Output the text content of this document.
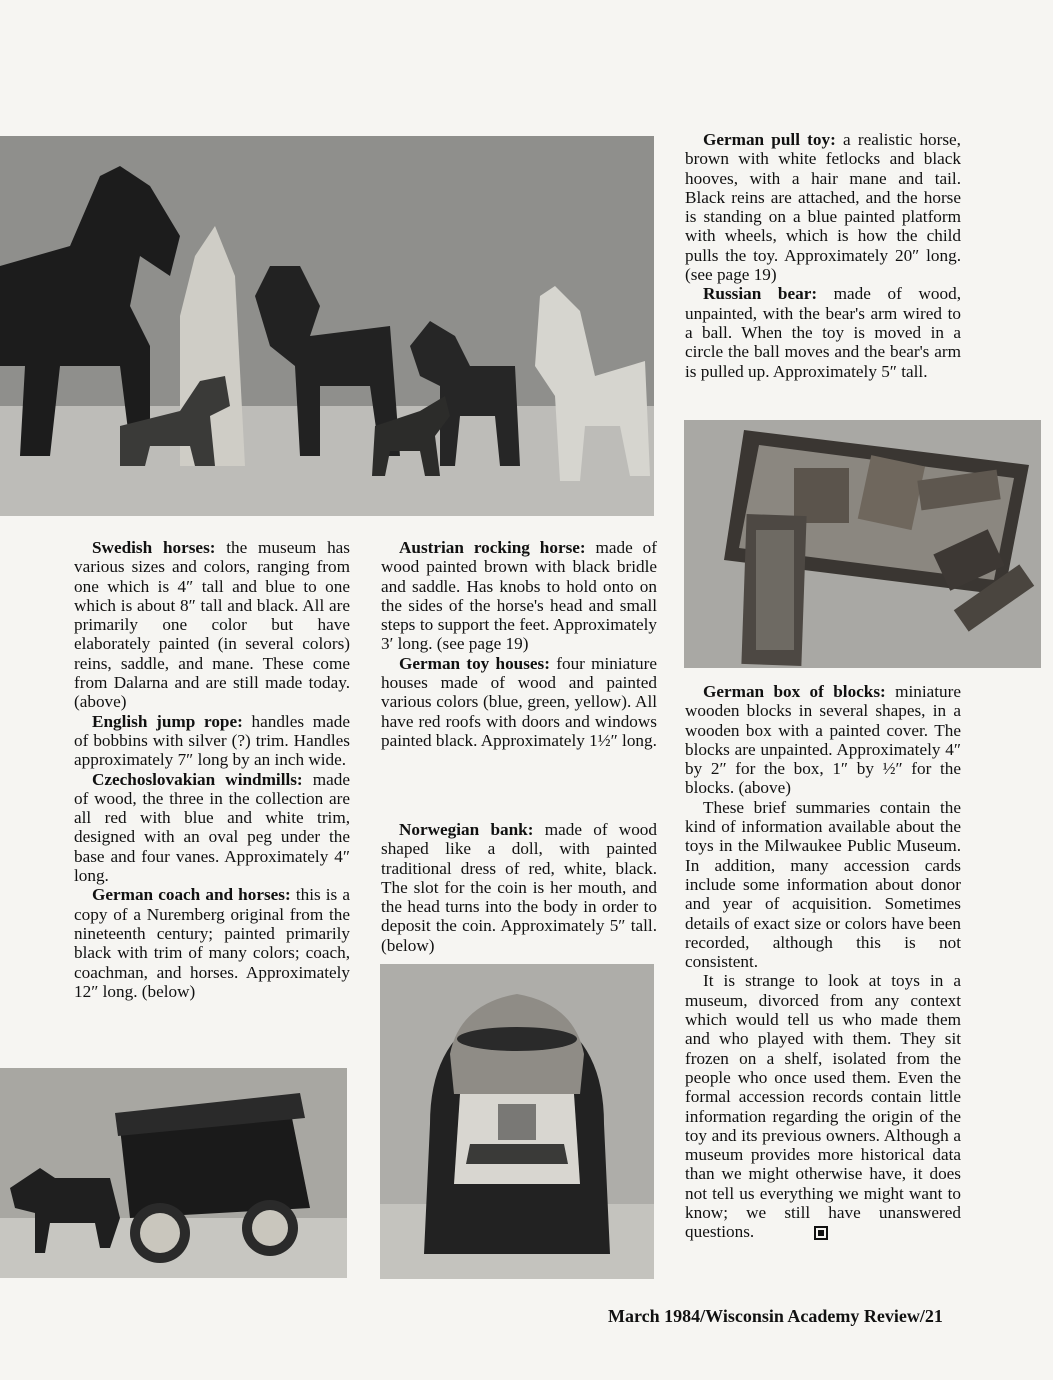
Swedish horses: the museum has various sizes and colors, ranging from one which is 4″ tall and blue to one which is about 8″ tall and black. All are primarily one color but have elaborately painted (in several colors) reins, saddle, and mane. These come from Dalarna and are still made today. (above)

English jump rope: handles made of bobbins with silver (?) trim. Handles approximately 7″ long by an inch wide.

Czechoslovakian windmills: made of wood, the three in the collection are all red with blue and white trim, designed with an oval peg under the base and four vanes. Approximately 4″ long.

German coach and horses: this is a copy of a Nuremberg original from the nineteenth century; painted primarily black with trim of many colors; coach, coachman, and horses. Approximately 12″ long. (below)

Austrian rocking horse: made of wood painted brown with black bridle and saddle. Has knobs to hold onto on the sides of the horse's head and small steps to support the feet. Approximately 3′ long. (see page 19)

German toy houses: four miniature houses made of wood and painted various colors (blue, green, yellow). All have red roofs with doors and windows painted black. Approximately 1½″ long.

Norwegian bank: made of wood shaped like a doll, with painted traditional dress of red, white, black. The slot for the coin is her mouth, and the head turns into the body in order to deposit the coin. Approximately 5″ tall. (below)

German pull toy: a realistic horse, brown with white fetlocks and black hooves, with a hair mane and tail. Black reins are attached, and the horse is standing on a blue painted platform with wheels, which is how the child pulls the toy. Approximately 20″ long. (see page 19)

Russian bear: made of wood, unpainted, with the bear's arm wired to a ball. When the toy is moved in a circle the ball moves and the bear's arm is pulled up. Approximately 5″ tall.

German box of blocks: miniature wooden blocks in several shapes, in a wooden box with a painted cover. The blocks are unpainted. Approximately 4″ by 2″ for the box, 1″ by ½″ for the blocks. (above)

These brief summaries contain the kind of information available about the toys in the Milwaukee Public Museum. In addition, many accession cards include some information about donor and year of acquisition. Sometimes details of exact size or colors have been recorded, although this is not consistent.

It is strange to look at toys in a museum, divorced from any context which would tell us who made them and who played with them. They sit frozen on a shelf, isolated from the people who once used them. Even the formal accession records contain little information regarding the origin of the toy and its previous owners. Although a museum provides more historical data than we might otherwise have, it does not tell us everything we might want to know; we still have unanswered questions.

March 1984/Wisconsin Academy Review/21
